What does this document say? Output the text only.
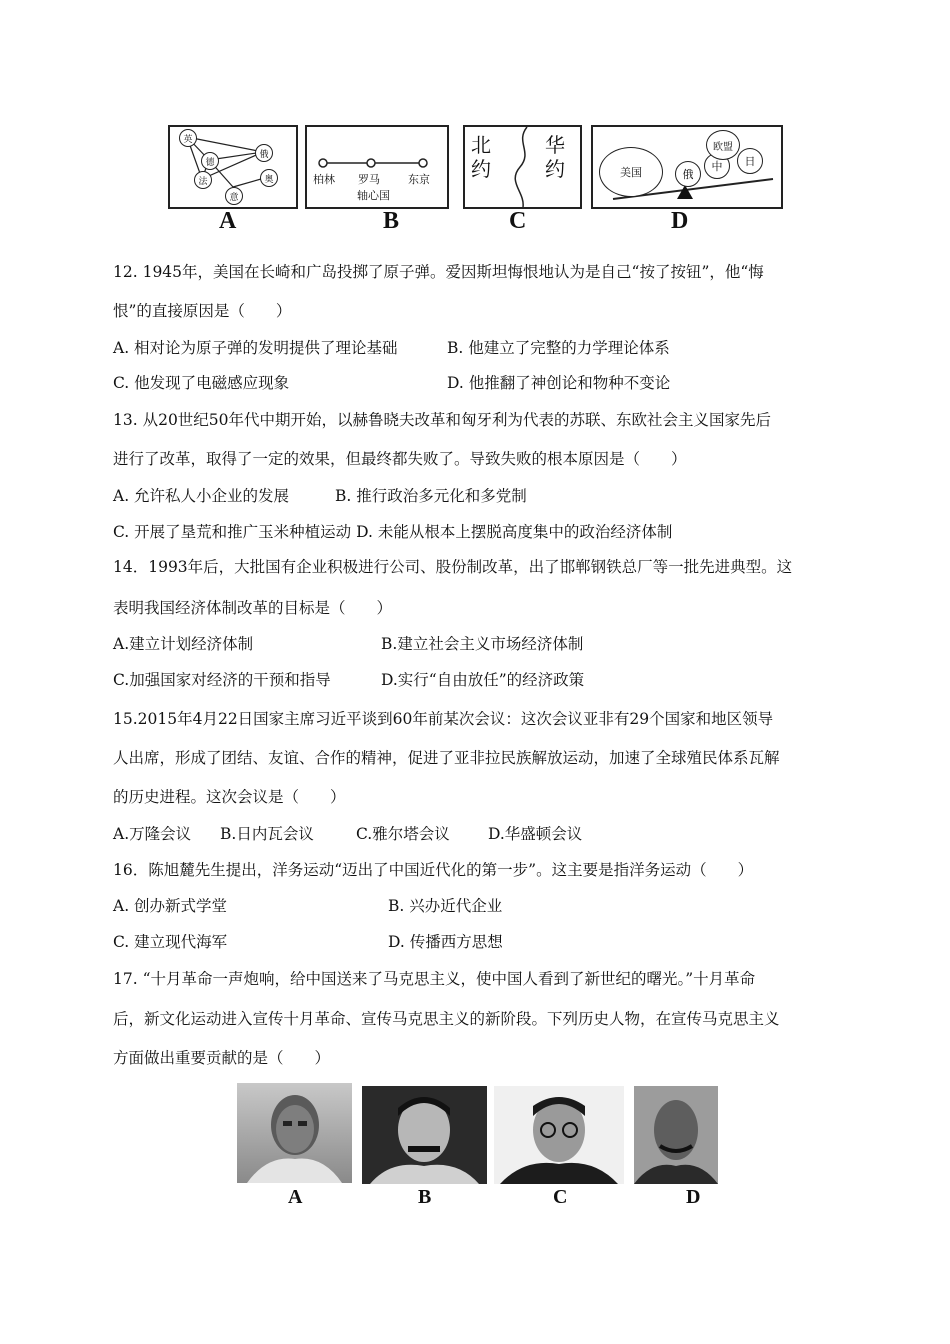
英
德
俄
法	奥
意
柏林 罗马	东京
轴心国
北约
华约	美国	俄
中
欧盟
日
A	B	C	D
12. 1945年，美国在长崎和广岛投掷了原子弹。爱因斯坦悔恨地认为是自己“按了按钮”，他“悔
恨”的直接原因是（　　）
A. 相对论为原子弹的发明提供了理论基础	B. 他建立了完整的力学理论体系
C. 他发现了电磁感应现象	D. 他推翻了神创论和物种不变论
13. 从20世纪50年代中期开始，以赫鲁晓夫改革和匈牙利为代表的苏联、东欧社会主义国家先后
进行了改革，取得了一定的效果，但最终都失败了。导致失败的根本原因是（　　）
A. 允许私人小企业的发展	B. 推行政治多元化和多党制
C. 开展了垦荒和推广玉米种植运动 D. 未能从根本上摆脱高度集中的政治经济体制
14．1993年后，大批国有企业积极进行公司、股份制改革，出了邯郸钢铁总厂等一批先进典型。这
表明我国经济体制改革的目标是（　　）
A.建立计划经济体制	B.建立社会主义市场经济体制
C.加强国家对经济的干预和指导	D.实行“自由放任”的经济政策
15.2015年4月22日国家主席习近平谈到60年前某次会议：这次会议亚非有29个国家和地区领导
人出席，形成了团结、友谊、合作的精神，促进了亚非拉民族解放运动，加速了全球殖民体系瓦解
的历史进程。这次会议是（　　）
A.万隆会议 B.日内瓦会议	C.雅尔塔会议 D.华盛顿会议
16．陈旭麓先生提出，洋务运动“迈出了中国近代化的第一步”。这主要是指洋务运动（　　）
A. 创办新式学堂	B. 兴办近代企业
C. 建立现代海军	D. 传播西方思想
17. “十月革命一声炮响，给中国送来了马克思主义，使中国人看到了新世纪的曙光。”十月革命
后，新文化运动进入宣传十月革命、宣传马克思主义的新阶段。下列历史人物，在宣传马克思主义
方面做出重要贡献的是（　　）
A	B	C	D
